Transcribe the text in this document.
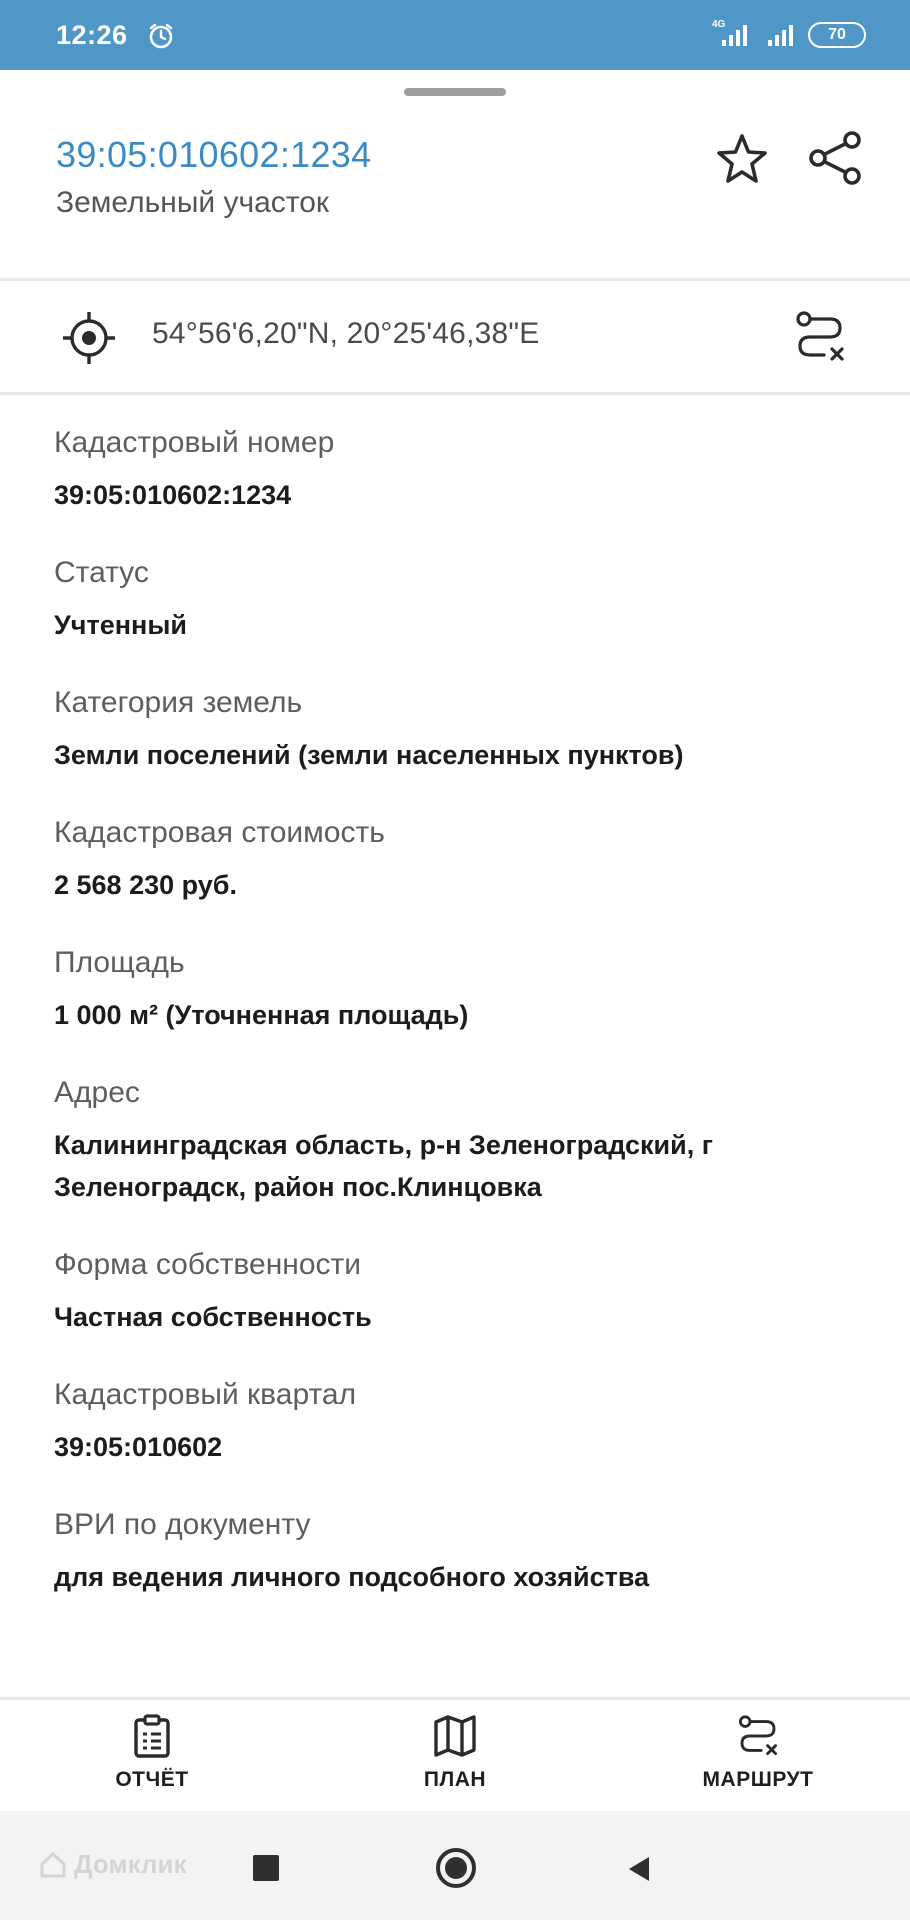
12:26	4G
70
39:05:010602:1234
Земельный участок
54°56'6,20"N, 20°25'46,38"E
Кадастровый номер
39:05:010602:1234
Статус
Учтенный
Категория земель
Земли поселений (земли населенных пунктов)
Кадастровая стоимость
2 568 230 руб.
Площадь
1 000 м² (Уточненная площадь)
Адрес
Калининградская область, р-н Зеленоградский, г Зеленоградск, район пос.Клинцовка
Форма собственности
Частная собственность
Кадастровый квартал
39:05:010602
ВРИ по документу
для ведения личного подсобного хозяйства
ОТЧЁТ	ПЛАН	МАРШРУТ
Домклик
